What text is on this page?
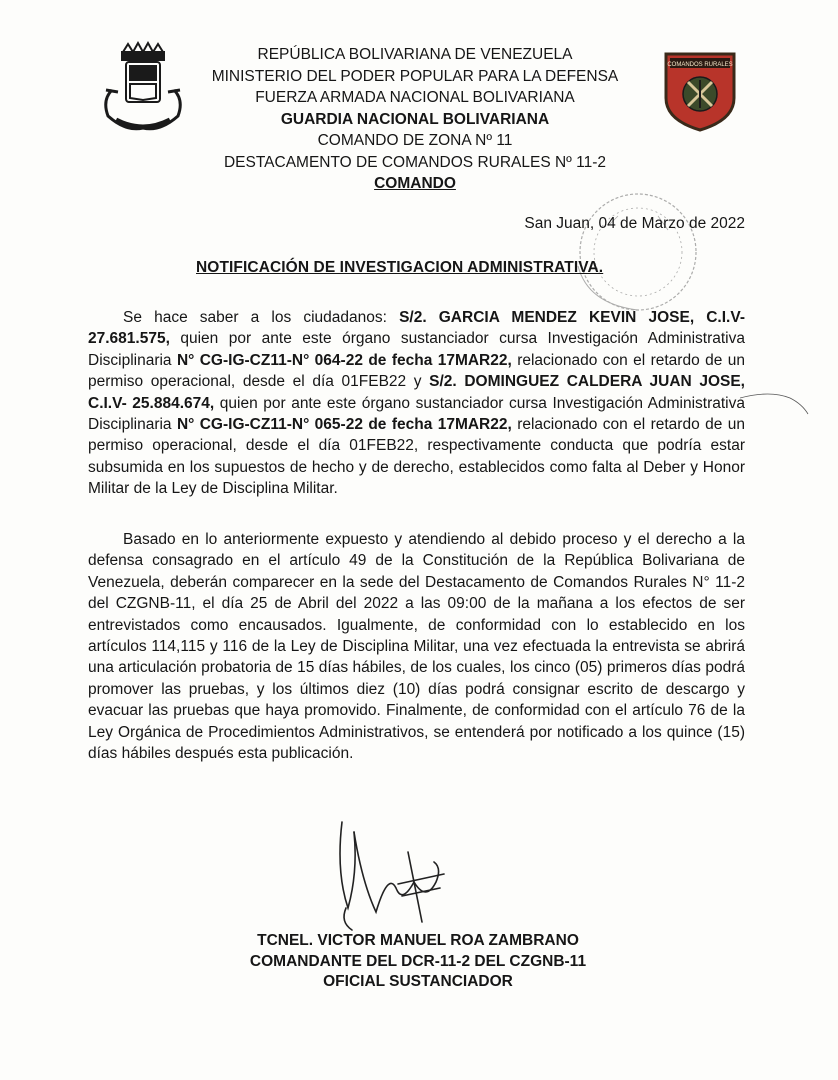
COMANDOS RURALES
REPÚBLICA BOLIVARIANA DE VENEZUELA
MINISTERIO DEL PODER POPULAR PARA LA DEFENSA
FUERZA ARMADA NACIONAL BOLIVARIANA
GUARDIA NACIONAL BOLIVARIANA
COMANDO DE ZONA Nº 11
DESTACAMENTO DE COMANDOS RURALES Nº 11-2
COMANDO
San Juan, 04 de Marzo de 2022
NOTIFICACIÓN DE INVESTIGACION ADMINISTRATIVA.
Se hace saber a los ciudadanos: S/2. GARCIA MENDEZ KEVIN JOSE, C.I.V- 27.681.575, quien por ante este órgano sustanciador cursa Investigación Administrativa Disciplinaria N° CG-IG-CZ11-N° 064-22 de fecha 17MAR22, relacionado con el retardo de un permiso operacional, desde el día 01FEB22 y S/2. DOMINGUEZ CALDERA JUAN JOSE, C.I.V- 25.884.674, quien por ante este órgano sustanciador cursa Investigación Administrativa Disciplinaria N° CG-IG-CZ11-N° 065-22 de fecha 17MAR22, relacionado con el retardo de un permiso operacional, desde el día 01FEB22, respectivamente conducta que podría estar subsumida en los supuestos de hecho y de derecho, establecidos como falta al Deber y Honor Militar de la Ley de Disciplina Militar.
Basado en lo anteriormente expuesto y atendiendo al debido proceso y el derecho a la defensa consagrado en el artículo 49 de la Constitución de la República Bolivariana de Venezuela, deberán comparecer en la sede del Destacamento de Comandos Rurales N° 11-2 del CZGNB-11, el día 25 de Abril del 2022 a las 09:00 de la mañana a los efectos de ser entrevistados como encausados. Igualmente, de conformidad con lo establecido en los artículos 114,115 y 116 de la Ley de Disciplina Militar, una vez efectuada la entrevista se abrirá una articulación probatoria de 15 días hábiles, de los cuales, los cinco (05) primeros días podrá promover las pruebas, y los últimos diez (10) días podrá consignar escrito de descargo y evacuar las pruebas que haya promovido. Finalmente, de conformidad con el artículo 76 de la Ley Orgánica de Procedimientos Administrativos, se entenderá por notificado a los quince (15) días hábiles después esta publicación.
TCNEL. VICTOR MANUEL ROA ZAMBRANO
COMANDANTE DEL DCR-11-2 DEL CZGNB-11
OFICIAL SUSTANCIADOR
